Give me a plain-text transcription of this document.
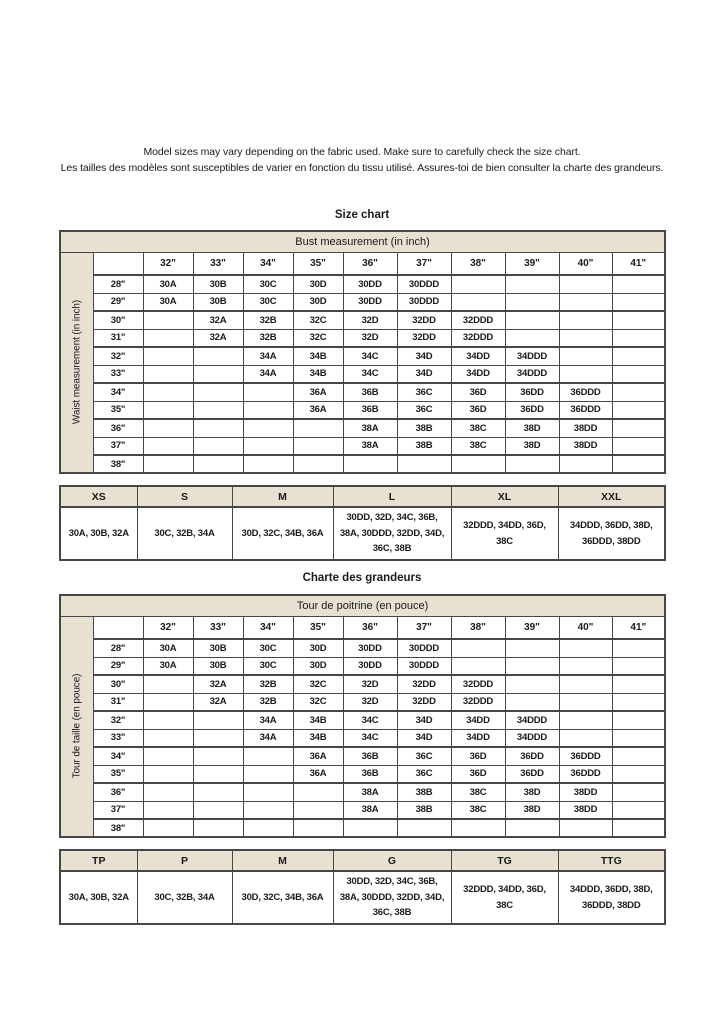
Model sizes may vary depending on the fabric used. Make sure to carefully check the size chart.
Les tailles des modèles sont susceptibles de varier en fonction du tissu utilisé. Assures-toi de bien consulter la charte des grandeurs.
Size chart
Bust measurement (in inch)											

Waist measurement (in inch)		32"	33"	34"	35"	36"	37"	38"	39"	40"	41"
	28"	30A	30B	30C	30D	30DD	30DDD				
	29"	30A	30B	30C	30D	30DD	30DDD				
	30"		32A	32B	32C	32D	32DD	32DDD			
	31"		32A	32B	32C	32D	32DD	32DDD			
	32"			34A	34B	34C	34D	34DD	34DDD		
	33"			34A	34B	34C	34D	34DD	34DDD		
	34"				36A	36B	36C	36D	36DD	36DDD	
	35"				36A	36B	36C	36D	36DD	36DDD	
	36"					38A	38B	38C	38D	38DD	
	37"					38A	38B	38C	38D	38DD	
	38"										
XS	S	M	L	XL	XXL
30A, 30B, 32A	30C, 32B, 34A	30D, 32C, 34B, 36A	30DD, 32D, 34C, 36B, 38A, 30DDD, 32DD, 34D, 36C, 38B	32DDD, 34DD, 36D, 38C	34DDD, 36DD, 38D, 36DDD, 38DD
Charte des grandeurs
Tour de poitrine (en pouce)											

Tour de taille (en pouce)		32"	33"	34"	35"	36"	37"	38"	39"	40"	41"
	28"	30A	30B	30C	30D	30DD	30DDD				
	29"	30A	30B	30C	30D	30DD	30DDD				
	30"		32A	32B	32C	32D	32DD	32DDD			
	31"		32A	32B	32C	32D	32DD	32DDD			
	32"			34A	34B	34C	34D	34DD	34DDD		
	33"			34A	34B	34C	34D	34DD	34DDD		
	34"				36A	36B	36C	36D	36DD	36DDD	
	35"				36A	36B	36C	36D	36DD	36DDD	
	36"					38A	38B	38C	38D	38DD	
	37"					38A	38B	38C	38D	38DD	
	38"										
TP	P	M	G	TG	TTG
30A, 30B, 32A	30C, 32B, 34A	30D, 32C, 34B, 36A	30DD, 32D, 34C, 36B, 38A, 30DDD, 32DD, 34D, 36C, 38B	32DDD, 34DD, 36D, 38C	34DDD, 36DD, 38D, 36DDD, 38DD
